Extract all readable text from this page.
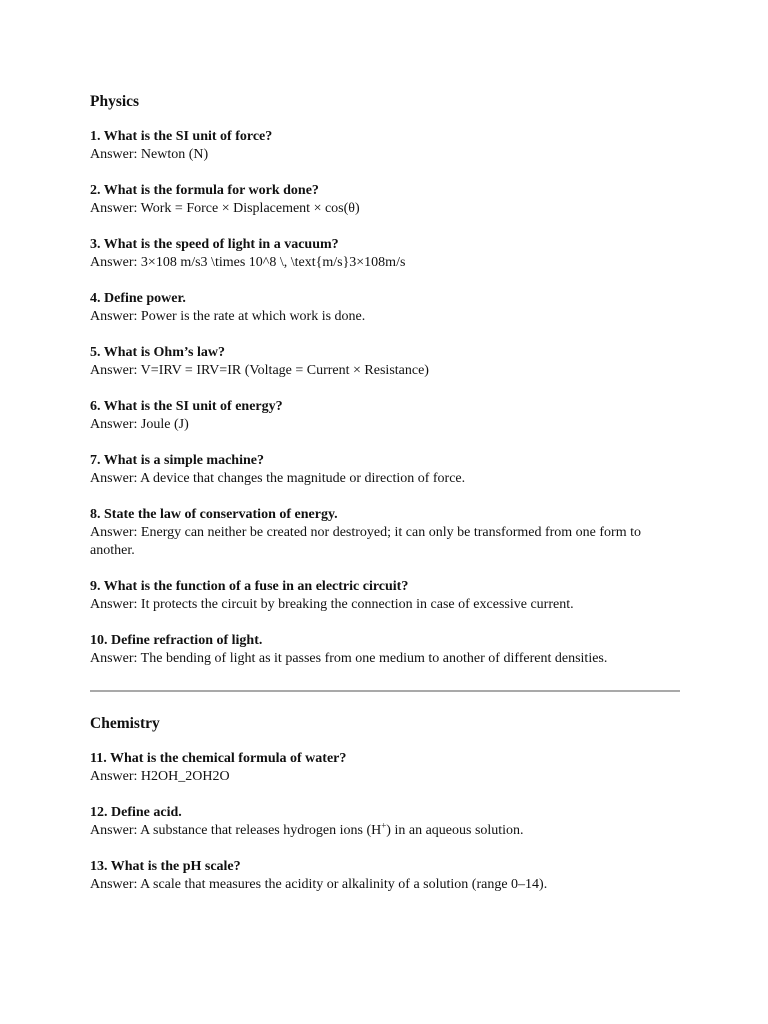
Physics
1. What is the SI unit of force?
Answer: Newton (N)
2. What is the formula for work done?
Answer: Work = Force × Displacement × cos(θ)
3. What is the speed of light in a vacuum?
Answer: 3×108 m/s3 \times 10^8 \, \text{m/s}3×108m/s
4. Define power.
Answer: Power is the rate at which work is done.
5. What is Ohm’s law?
Answer: V=IRV = IRV=IR (Voltage = Current × Resistance)
6. What is the SI unit of energy?
Answer: Joule (J)
7. What is a simple machine?
Answer: A device that changes the magnitude or direction of force.
8. State the law of conservation of energy.
Answer: Energy can neither be created nor destroyed; it can only be transformed from one form to another.
9. What is the function of a fuse in an electric circuit?
Answer: It protects the circuit by breaking the connection in case of excessive current.
10. Define refraction of light.
Answer: The bending of light as it passes from one medium to another of different densities.
Chemistry
11. What is the chemical formula of water?
Answer: H2OH_2OH2O
12. Define acid.
Answer: A substance that releases hydrogen ions (H+) in an aqueous solution.
13. What is the pH scale?
Answer: A scale that measures the acidity or alkalinity of a solution (range 0–14).
